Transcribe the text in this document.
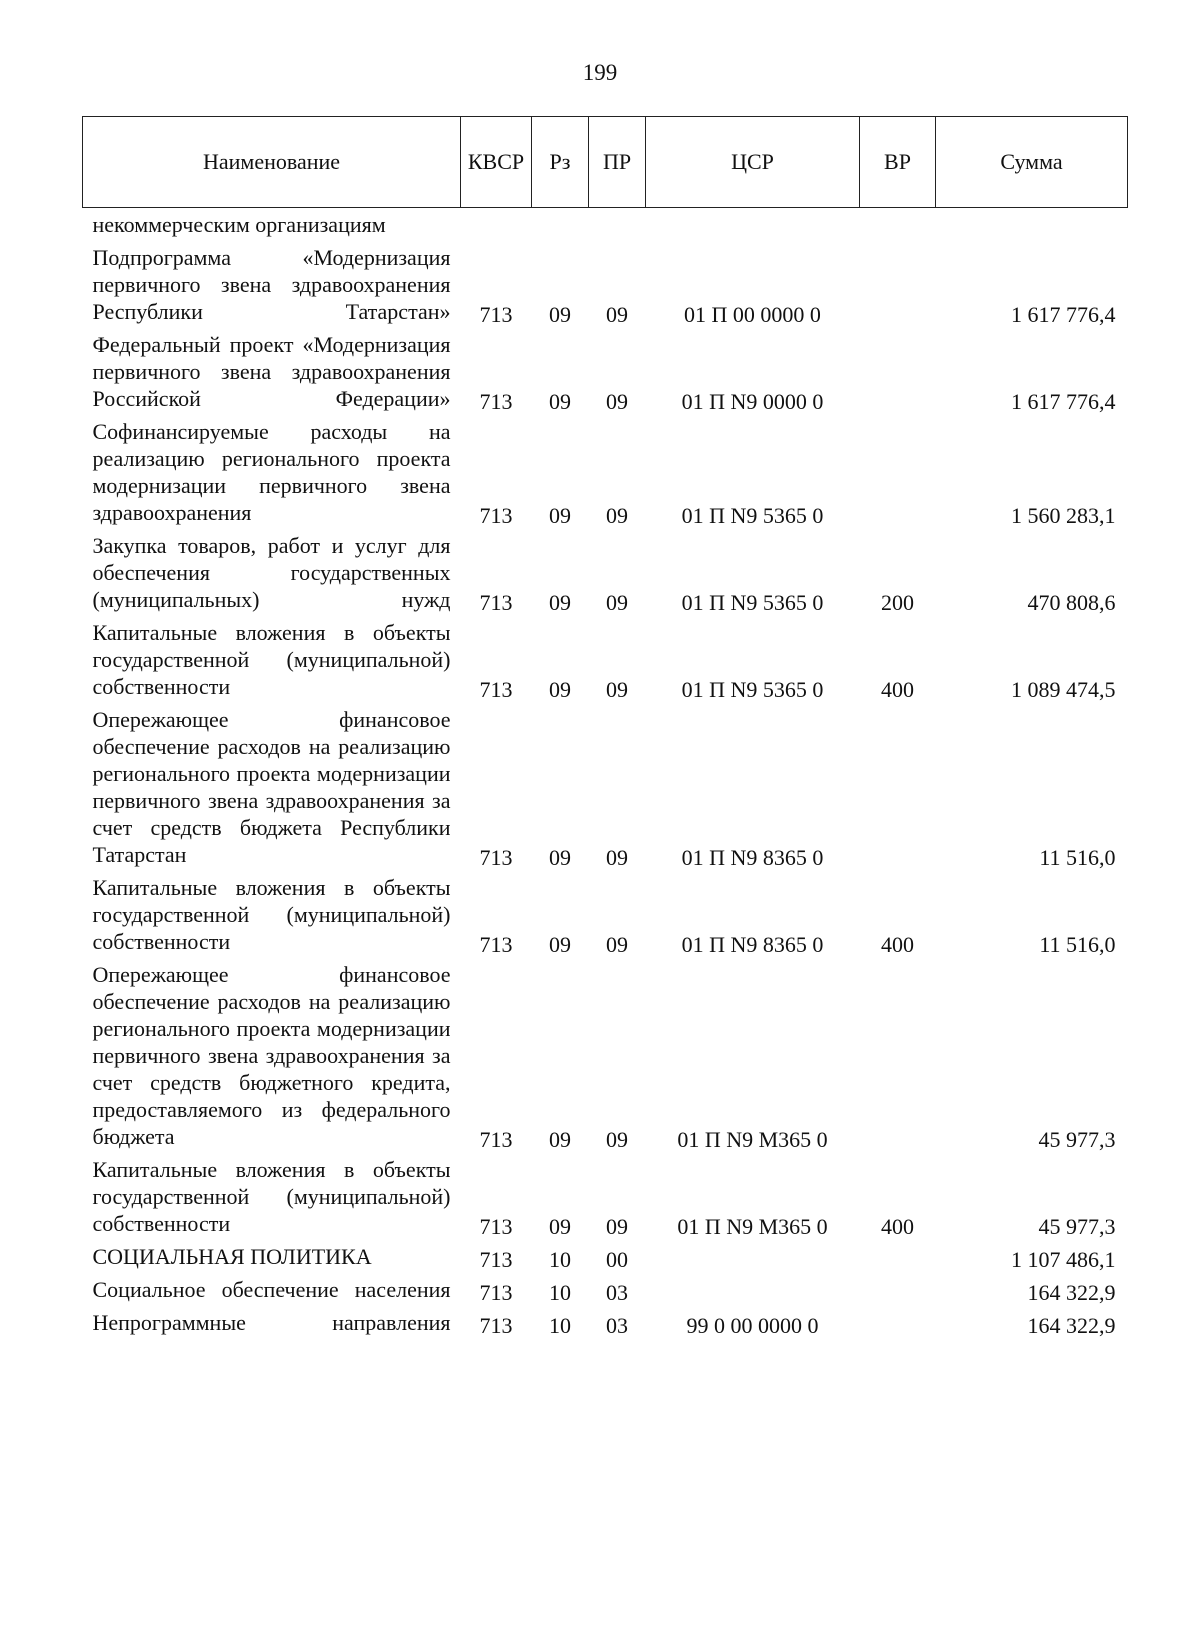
199
Наименование	КВСР	Рз	ПР	ЦСР	ВР	Сумма
некоммерческим организациям						
Подпрограмма «Модернизация первичного звена здравоохранения Республики Татарстан»	713	09	09	01 П 00 0000 0		1 617 776,4
Федеральный проект «Модернизация первичного звена здравоохранения Российской Федерации»	713	09	09	01 П N9 0000 0		1 617 776,4
Софинансируемые расходы на реализацию регионального проекта модернизации первичного звена здравоохранения	713	09	09	01 П N9 5365 0		1 560 283,1
Закупка товаров, работ и услуг для обеспечения государственных (муниципальных) нужд	713	09	09	01 П N9 5365 0	200	470 808,6
Капитальные вложения в объекты государственной (муниципальной) собственности	713	09	09	01 П N9 5365 0	400	1 089 474,5
Опережающее финансовое обеспечение расходов на реализацию регионального проекта модернизации первичного звена здравоохранения за счет средств бюджета Республики Татарстан	713	09	09	01 П N9 8365 0		11 516,0
Капитальные вложения в объекты государственной (муниципальной) собственности	713	09	09	01 П N9 8365 0	400	11 516,0
Опережающее финансовое обеспечение расходов на реализацию регионального проекта модернизации первичного звена здравоохранения за счет средств бюджетного кредита, предоставляемого из федерального бюджета	713	09	09	01 П N9 М365 0		45 977,3
Капитальные вложения в объекты государственной (муниципальной) собственности	713	09	09	01 П N9 М365 0	400	45 977,3
СОЦИАЛЬНАЯ ПОЛИТИКА	713	10	00			1 107 486,1
Социальное обеспечение населения	713	10	03			164 322,9
Непрограммные направления	713	10	03	99 0 00 0000 0		164 322,9
